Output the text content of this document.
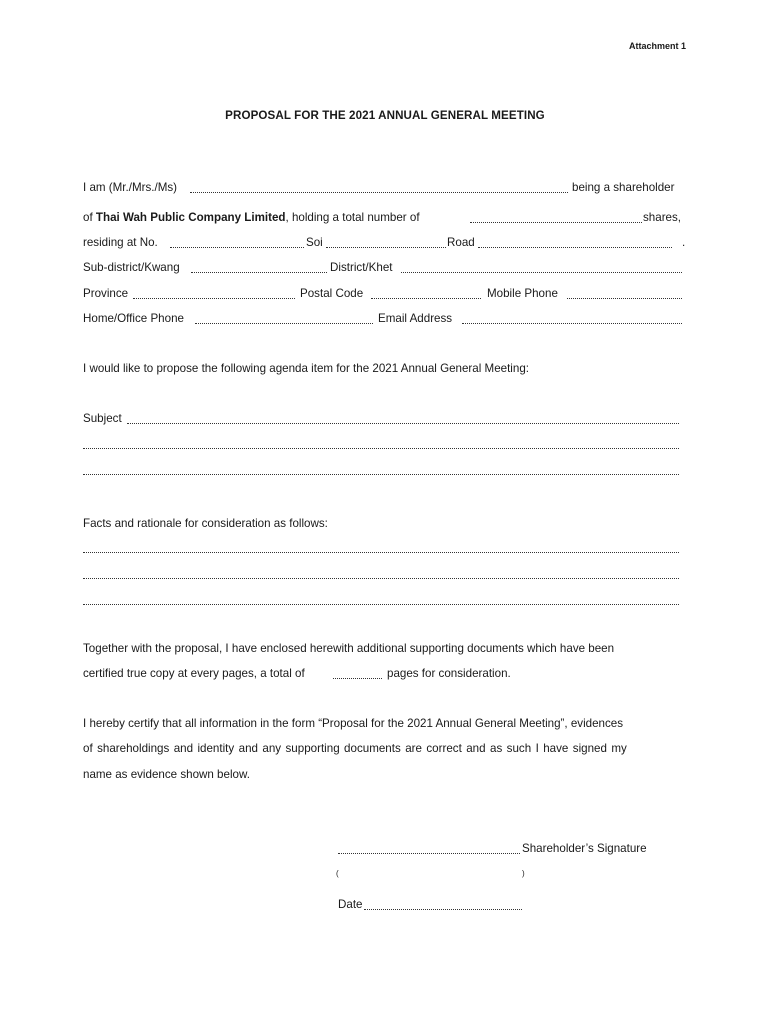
Attachment 1
PROPOSAL FOR THE 2021 ANNUAL GENERAL MEETING
I am (Mr./Mrs./Ms)	being a shareholder
of Thai Wah Public Company Limited, holding a total number of	shares,
residing at No.	Soi	Road	.
Sub-district/Kwang	District/Khet
Province	Postal Code	Mobile Phone
Home/Office Phone	Email Address
I would like to propose the following agenda item for the 2021 Annual General Meeting:
Subject
Facts and rationale for consideration as follows:
Together with the proposal, I have enclosed herewith additional supporting documents which have been
certified true copy at every pages, a total of	pages for consideration.
I hereby certify that all information in the form “Proposal for the 2021 Annual General Meeting”, evidences
of shareholdings and identity and any supporting documents are correct and as such I have signed my
name as evidence shown below.
Shareholder’s Signature
(	)
Date
